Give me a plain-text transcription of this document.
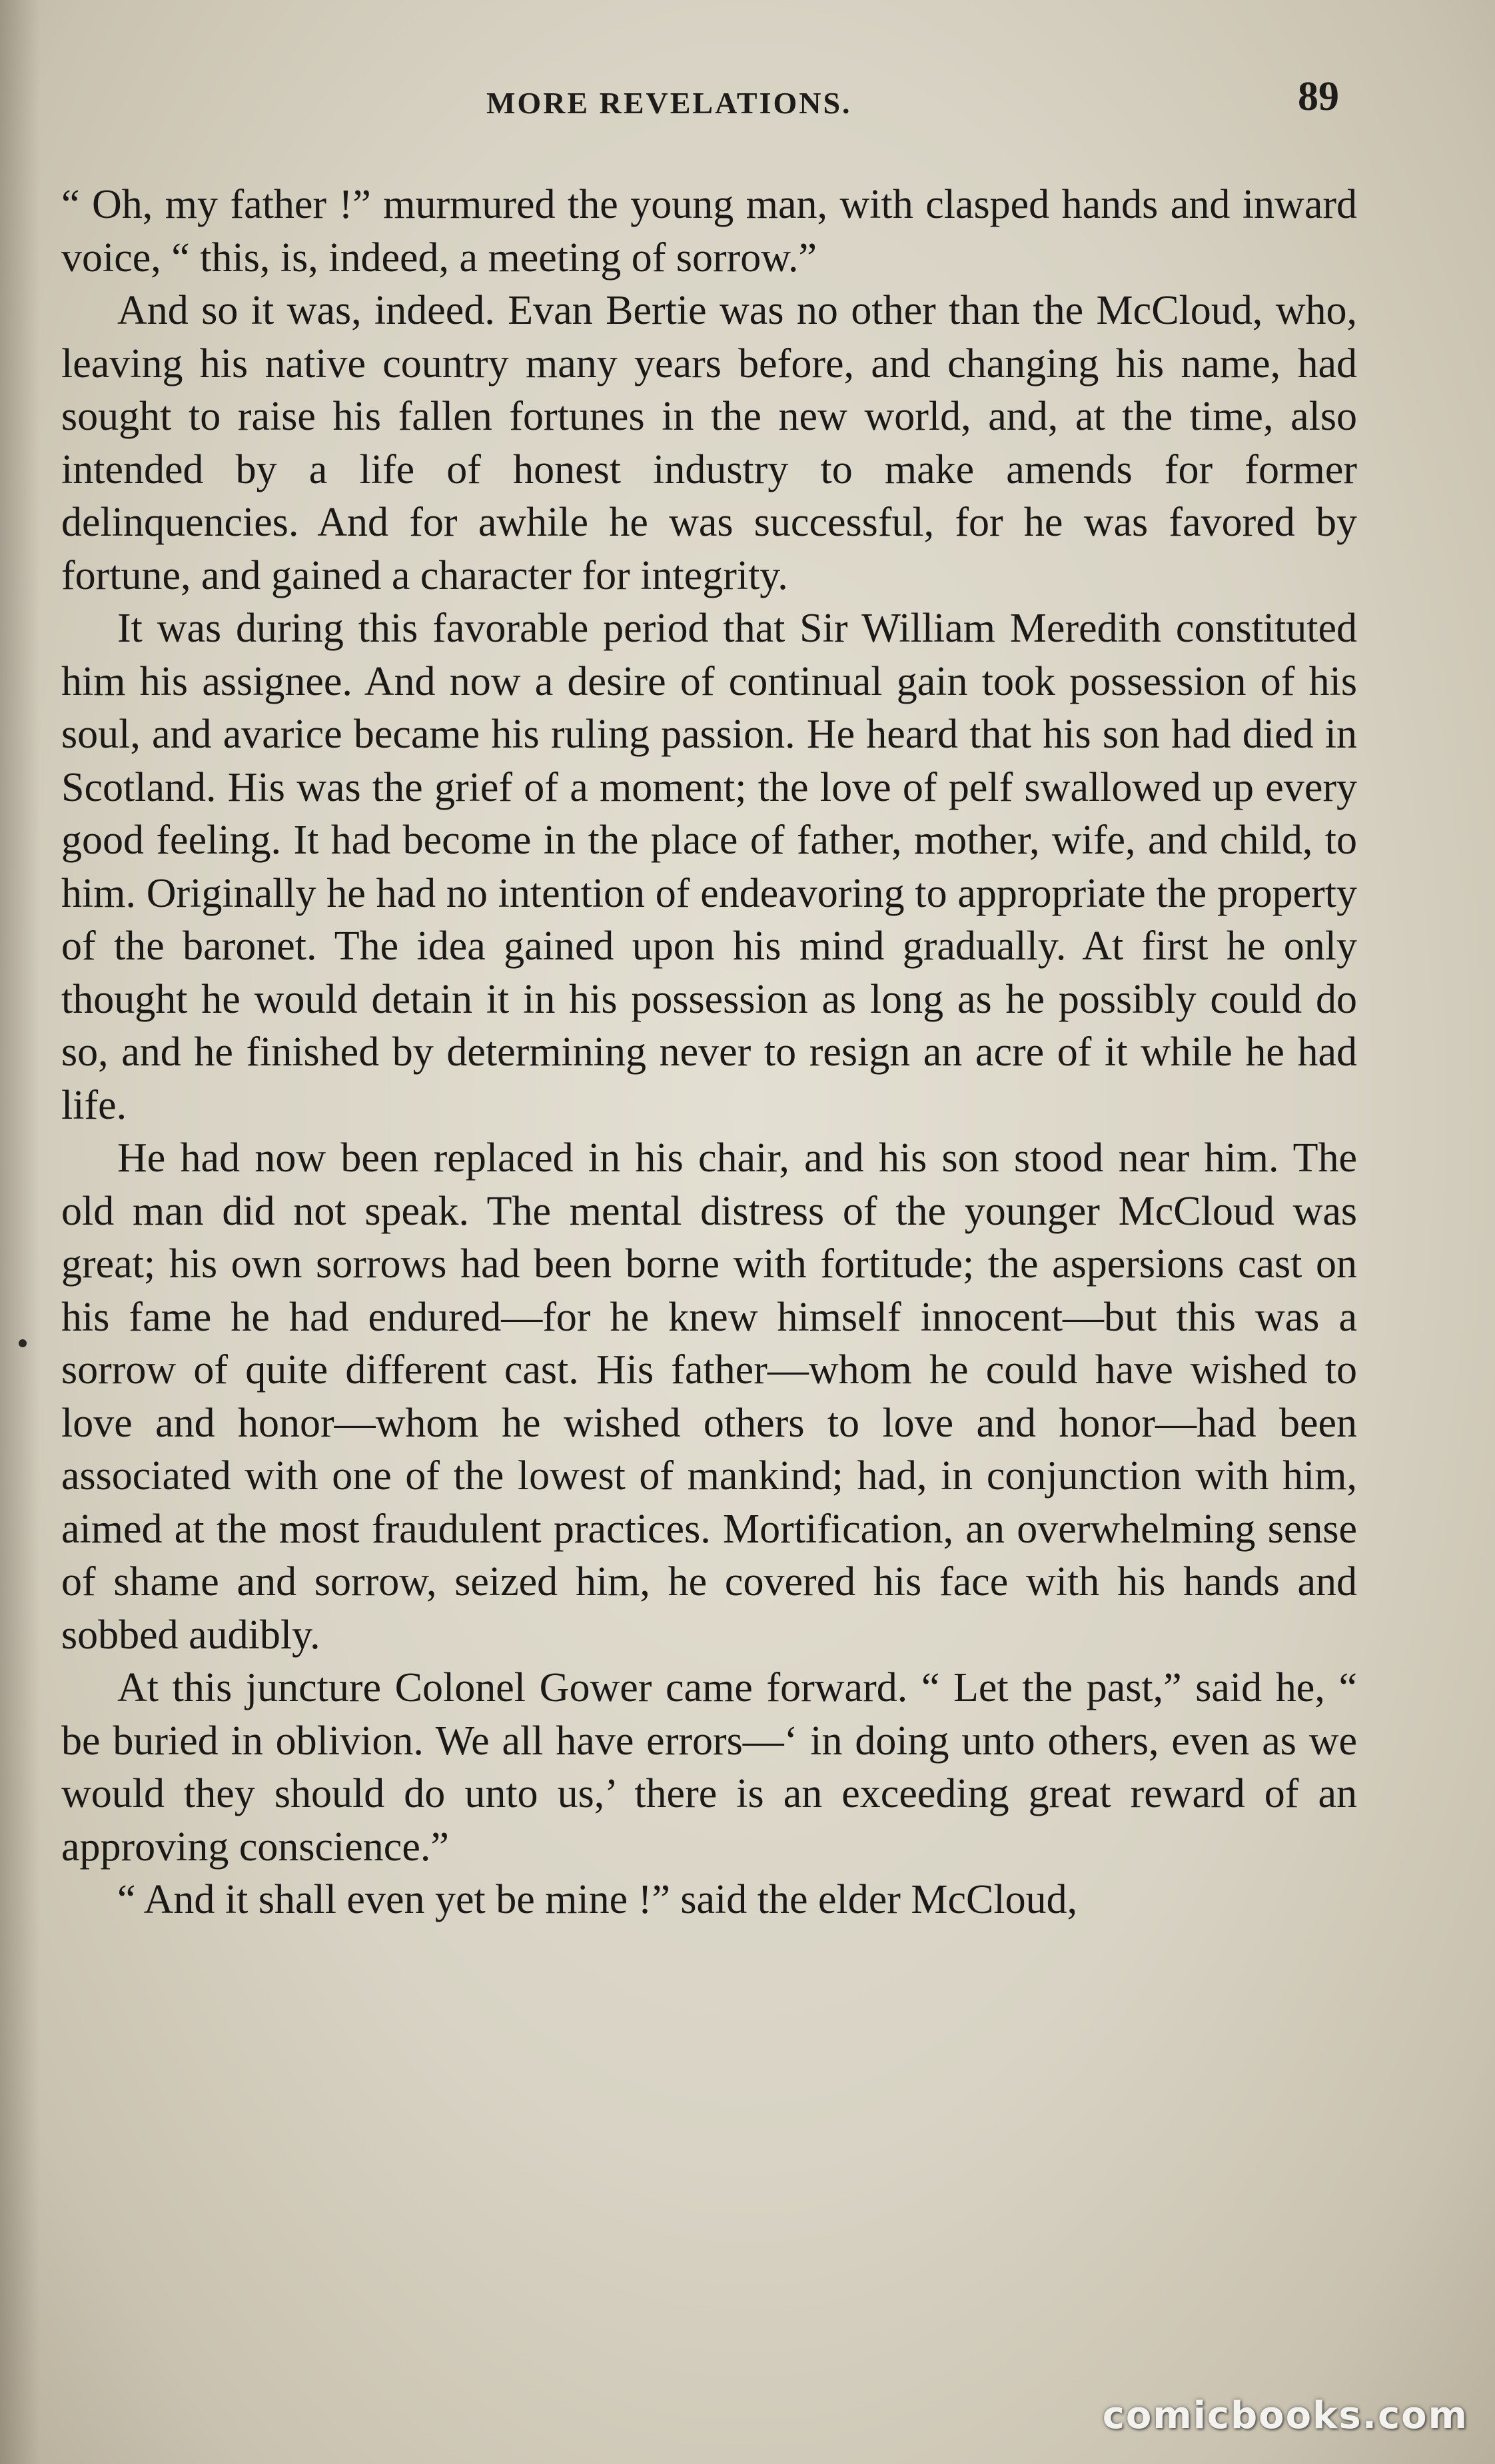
MORE REVELATIONS.	89

“ Oh, my father !” murmured the young man, with clasped hands and inward voice, “ this, is, indeed, a meeting of sorrow.”

And so it was, indeed. Evan Bertie was no other than the McCloud, who, leaving his native country many years before, and changing his name, had sought to raise his fallen fortunes in the new world, and, at the time, also intended by a life of honest industry to make amends for former delinquencies. And for awhile he was successful, for he was favored by fortune, and gained a character for integrity.

It was during this favorable period that Sir William Meredith constituted him his assignee. And now a desire of continual gain took possession of his soul, and avarice became his ruling passion. He heard that his son had died in Scotland. His was the grief of a moment; the love of pelf swallowed up every good feeling. It had become in the place of father, mother, wife, and child, to him. Originally he had no intention of endeavoring to appropriate the property of the baronet. The idea gained upon his mind gradually. At first he only thought he would detain it in his possession as long as he possibly could do so, and he finished by determining never to resign an acre of it while he had life.

He had now been replaced in his chair, and his son stood near him. The old man did not speak. The mental distress of the younger McCloud was great; his own sorrows had been borne with fortitude; the aspersions cast on his fame he had endured—for he knew himself innocent—but this was a sorrow of quite different cast. His father—whom he could have wished to love and honor—whom he wished others to love and honor—had been associated with one of the lowest of mankind; had, in conjunction with him, aimed at the most fraudulent practices. Mortification, an overwhelming sense of shame and sorrow, seized him, he covered his face with his hands and sobbed audibly.

At this juncture Colonel Gower came forward. “ Let the past,” said he, “ be buried in oblivion. We all have errors—‘ in doing unto others, even as we would they should do unto us,’ there is an exceeding great reward of an approving conscience.”

“ And it shall even yet be mine !” said the elder McCloud,

comicbooks.com
